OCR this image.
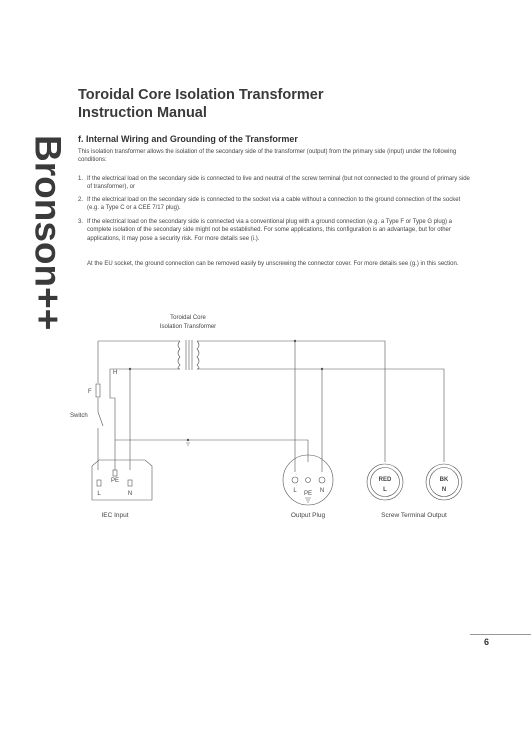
Bronson++
Toroidal Core Isolation Transformer
Instruction Manual
f. Internal Wiring and Grounding of the Transformer
This isolation transformer allows the isolation of the secondary side of the transformer (output) from the primary side (input) under the following conditions:
1. If the electrical load on the secondary side is connected to live and neutral of the screw terminal (but not connected to the ground of primary side of transformer), or
2. If the electrical load on the secondary side is connected to the socket via a cable without a connection to the ground connection of the socket (e.g. a Type C or a CEE 7/17 plug).
3. If the electrical load on the secondary side is connected via a conventional plug with a ground connection (e.g. a Type F or Type G plug) a complete isolation of the secondary side might not be established. For some applications, this configuration is an advantage, but for other applications, it may pose a security risk. For more details see (i.).
At the EU socket, the ground connection can be removed easily by unscrewing the connector cover. For more details see (g.) in this section.
Toroidal Core
Isolation Transformer
H
F
Switch
PE
L	N
IEC Input
L	N
PE
Output Plug
RED
L
BK
N
Screw Terminal Output
6
